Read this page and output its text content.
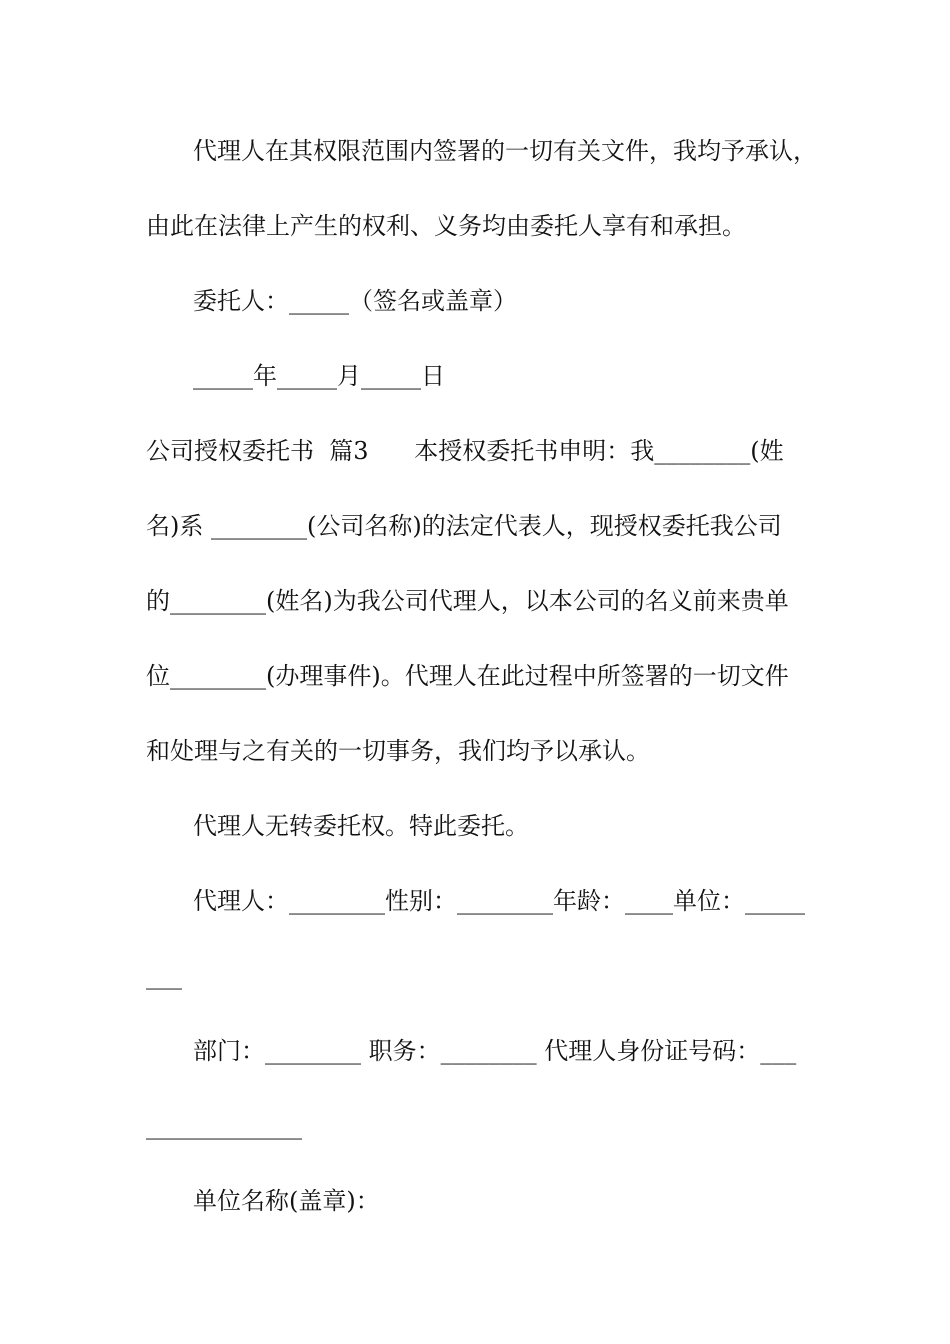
代理人在其权限范围内签署的一切有关文件，我均予承认，
由此在法律上产生的权利、义务均由委托人享有和承担。
委托人：_____（签名或盖章）
_____年_____月_____日
公司授权委托书  篇3      本授权委托书申明：我________(姓
名)系 ________(公司名称)的法定代表人，现授权委托我公司
的________(姓名)为我公司代理人，以本公司的名义前来贵单
位________(办理事件)。代理人在此过程中所签署的一切文件
和处理与之有关的一切事务，我们均予以承认。
代理人无转委托权。特此委托。
代理人：________性别：________年龄：____单位：_____
___
部门：________ 职务：________ 代理人身份证号码：___
_____________
单位名称(盖章)：
